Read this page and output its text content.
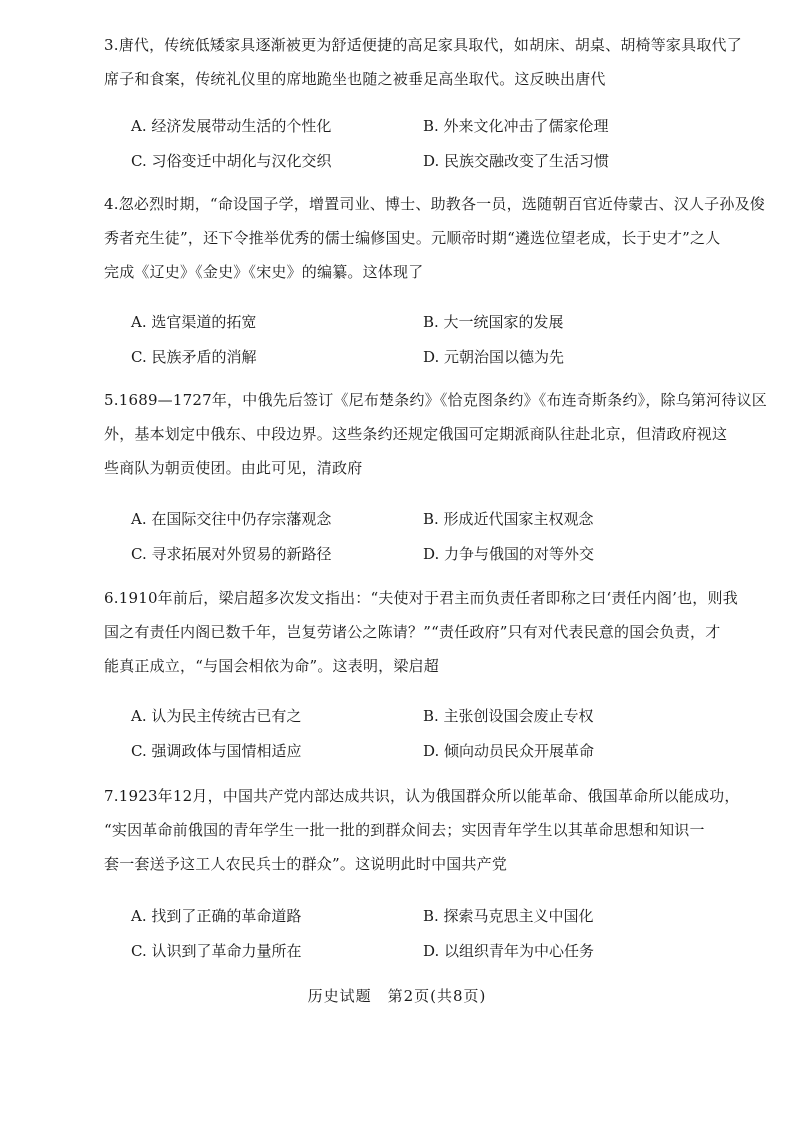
3.唐代，传统低矮家具逐渐被更为舒适便捷的高足家具取代，如胡床、胡桌、胡椅等家具取代了
席子和食案，传统礼仪里的席地跪坐也随之被垂足高坐取代。这反映出唐代
A. 经济发展带动生活的个性化	B. 外来文化冲击了儒家伦理
C. 习俗变迁中胡化与汉化交织	D. 民族交融改变了生活习惯
4.忽必烈时期，“命设国子学，增置司业、博士、助教各一员，选随朝百官近侍蒙古、汉人子孙及俊
秀者充生徒”，还下令推举优秀的儒士编修国史。元顺帝时期“遴选位望老成，长于史才”之人
完成《辽史》《金史》《宋史》的编纂。这体现了
A. 选官渠道的拓宽	B. 大一统国家的发展
C. 民族矛盾的消解	D. 元朝治国以德为先
5.1689—1727年，中俄先后签订《尼布楚条约》《恰克图条约》《布连奇斯条约》，除乌第河待议区
外，基本划定中俄东、中段边界。这些条约还规定俄国可定期派商队往赴北京，但清政府视这
些商队为朝贡使团。由此可见，清政府
A. 在国际交往中仍存宗藩观念	B. 形成近代国家主权观念
C. 寻求拓展对外贸易的新路径	D. 力争与俄国的对等外交
6.1910年前后，梁启超多次发文指出：“夫使对于君主而负责任者即称之曰‘责任内阁’也，则我
国之有责任内阁已数千年，岂复劳诸公之陈请？”“责任政府”只有对代表民意的国会负责，才
能真正成立，“与国会相依为命”。这表明，梁启超
A. 认为民主传统古已有之	B. 主张创设国会废止专权
C. 强调政体与国情相适应	D. 倾向动员民众开展革命
7.1923年12月，中国共产党内部达成共识，认为俄国群众所以能革命、俄国革命所以能成功，
“实因革命前俄国的青年学生一批一批的到群众间去；实因青年学生以其革命思想和知识一
套一套送予这工人农民兵士的群众”。这说明此时中国共产党
A. 找到了正确的革命道路	B. 探索马克思主义中国化
C. 认识到了革命力量所在	D. 以组织青年为中心任务
历史试题　第2页(共8页)
